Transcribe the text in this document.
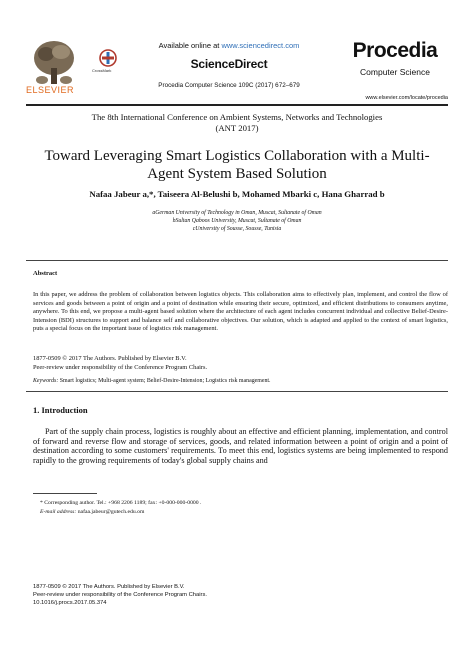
ELSEVIER
CrossMark
Available online at www.sciencedirect.com
ScienceDirect
Procedia Computer Science 109C (2017) 672–679
Procedia
Computer Science
www.elsevier.com/locate/procedia
The 8th International Conference on Ambient Systems, Networks and Technologies
(ANT 2017)
Toward Leveraging Smart Logistics Collaboration with a Multi-
Agent System Based Solution
Nafaa Jabeur a,*, Taiseera Al-Belushi b, Mohamed Mbarki c, Hana Gharrad b
aGerman University of Technology in Oman, Muscat, Sultanate of Oman
bSultan Qaboos University, Muscat, Sultanate of Oman
cUniversity of Sousse, Sousse, Tunisia
Abstract
In this paper, we address the problem of collaboration between logistics objects. This collaboration aims to effectively plan, implement, and control the flow of services and goods between a point of origin and a point of destination while ensuring their secure, optimized, and efficient distributions to consumers anytime, anywhere. To this end, we propose a multi-agent based solution where the architecture of each agent includes concurrent individual and collective Belief-Desire-Intension (BDI) structures to support and balance self and collaborative objectives. Our solution, which is adapted and applied to the context of smart logistics, puts a special focus on the important issue of logistics risk management.
1877-0509 © 2017 The Authors. Published by Elsevier B.V.
Peer-review under responsibility of the Conference Program Chairs.
Keywords: Smart logistics; Multi-agent system; Belief-Desire-Intension; Logistics risk management.
1. Introduction
Part of the supply chain process, logistics is roughly about an effective and efficient planning, implementation, and control of forward and reverse flow and storage of services, goods, and related information between a point of origin and a point of destination according to some customers' requirements. To meet this end, logistics systems are being implemented to respond rapidly to the growing requirements of today's global supply chains and
* Corresponding author. Tel.: +968 2206 1189; fax: +0-000-000-0000 .
E-mail address: nafaa.jabeur@gutech.edu.om
1877-0509 © 2017 The Authors. Published by Elsevier B.V.
Peer-review under responsibility of the Conference Program Chairs.
10.1016/j.procs.2017.05.374
